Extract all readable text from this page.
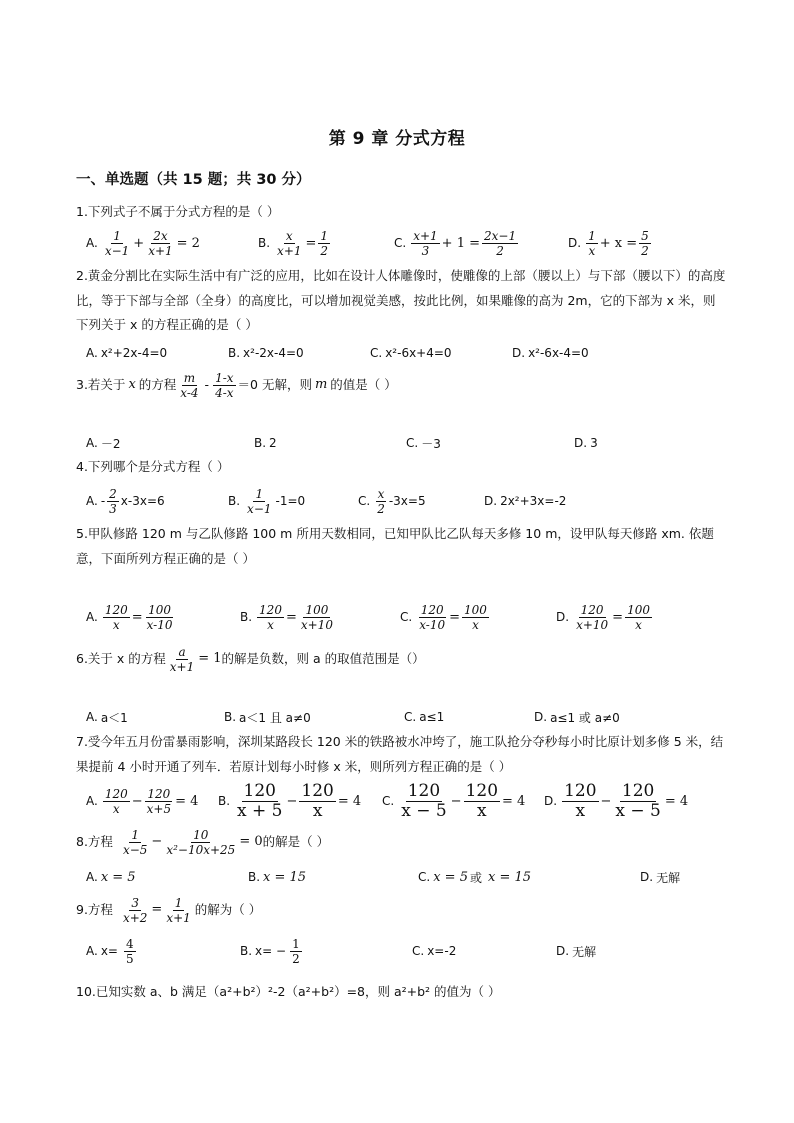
第 9 章 分式方程
一、单选题（共 15 题；共 30 分）
1.下列式子不属于分式方程的是（ ）
A. $\frac{1}{x-1} + \frac{2x}{x+1} = 2$	B. $\frac{x}{x+1} = \frac{1}{2}$	C. $\frac{x+1}{3} + 1 = \frac{2x-1}{2}$	D. $\frac{1}{x} + x = \frac{5}{2}$
2.黄金分割比在实际生活中有广泛的应用，比如在设计人体雕像时，使雕像的上部（腰以上）与下部（腰以下）的高度比，等于下部与全部（全身）的高度比，可以增加视觉美感，按此比例，如果雕像的高为 2m，它的下部为 x 米，则下列关于 x 的方程正确的是（ ）
A. x²+2x-4=0	B. x²-2x-4=0	C. x²-6x+4=0	D. x²-6x-4=0
3.若关于 x 的方程 $\frac{m}{x-4} - \frac{1-x}{4-x} =0$ 无解，则 m 的值是（ ）
A. －2	B. 2	C. －3	D. 3
4.下列哪个是分式方程（ ）
A. - $\frac{2}{3} x-3x=6$	B. $\frac{1}{x-1} -1=0$	C. $\frac{x}{2} -3x=5$	D. 2x²+3x=-2
5.甲队修路 120 m 与乙队修路 100 m 所用天数相同，已知甲队比乙队每天多修 10 m，设甲队每天修路 xm. 依题意，下面所列方程正确的是（ ）
A. $\frac{120}{x} = \frac{100}{x-10}$	B. $\frac{120}{x} = \frac{100}{x+10}$	C. $\frac{120}{x-10} = \frac{100}{x}$	D. $\frac{120}{x+10} = \frac{100}{x}$
6.关于 x 的方程 $\frac{a}{x+1} = 1$ 的解是负数，则 a 的取值范围是（）
A. a＜1	B. a＜1 且 a≠0	C. a≤1	D. a≤1 或 a≠0
7.受今年五月份雷暴雨影响，深圳某路段长 120 米的铁路被水冲垮了，施工队抢分夺秒每小时比原计划多修 5 米，结果提前 4 小时开通了列车．若原计划每小时修 x 米，则所列方程正确的是（ ）
A. $\frac{120}{x} - \frac{120}{x+5} = 4$ B. $\frac{120}{x + 5} - \frac{120}{x} = 4$ C. $\frac{120}{x - 5} - \frac{120}{x} = 4$ D. $\frac{120}{x} - \frac{120}{x - 5} = 4$
8.方程 $\frac{1}{x-5} - \frac{10}{\text{x²−10x+25}} = 0$ 的解是（ ）
A. x = 5	B. x = 15	C. x = 5 或 x = 15	D. 无解
9.方程 $\frac{3}{x+2} = \frac{1}{x+1}$ 的解为（ ）
A. $x= \frac{4}{5}$	B. $x= - \frac{1}{2}$	C. x=-2	D. 无解
10.已知实数 a、b 满足（a²+b²）²-2（a²+b²）=8，则 a²+b² 的值为（ ）
